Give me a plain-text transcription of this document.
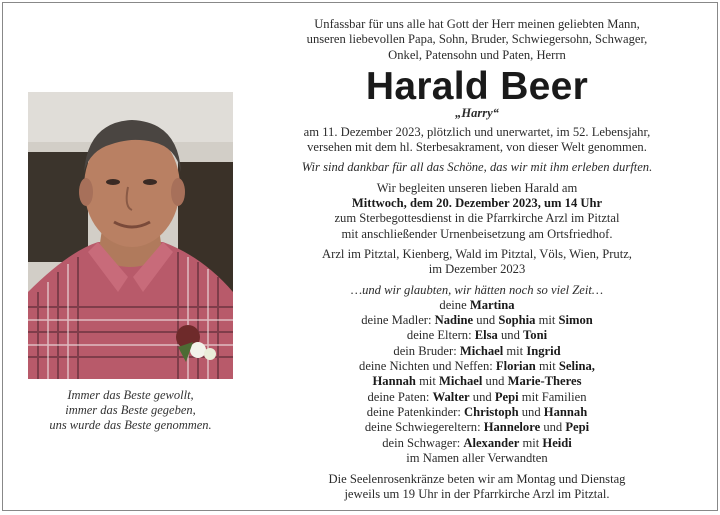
Immer das Beste gewollt,
immer das Beste gegeben,
uns wurde das Beste genommen.

Unfassbar für uns alle hat Gott der Herr meinen geliebten Mann,

unseren liebevollen Papa, Sohn, Bruder, Schwiegersohn, Schwager,

Onkel, Patensohn und Paten, Herrn

Harald Beer

„Harry“

am 11. Dezember 2023, plötzlich und unerwartet, im 52. Lebensjahr,

versehen mit dem hl. Sterbesakrament, von dieser Welt genommen.

Wir sind dankbar für all das Schöne, das wir mit ihm erleben durften.

Wir begleiten unseren lieben Harald am

Mittwoch, dem 20. Dezember 2023, um 14 Uhr

zum Sterbegottesdienst in die Pfarrkirche Arzl im Pitztal

mit anschließender Urnenbeisetzung am Ortsfriedhof.

Arzl im Pitztal, Kienberg, Wald im Pitztal, Völs, Wien, Prutz,

im Dezember 2023

…und wir glaubten, wir hätten noch so viel Zeit…

deine Martina

deine Madler: Nadine und Sophia mit Simon

deine Eltern: Elsa und Toni

dein Bruder: Michael mit Ingrid

deine Nichten und Neffen: Florian mit Selina,

Hannah mit Michael und Marie-Theres

deine Paten: Walter und Pepi mit Familien

deine Patenkinder: Christoph und Hannah

deine Schwiegereltern: Hannelore und Pepi

dein Schwager: Alexander mit Heidi

im Namen aller Verwandten

Die Seelenrosenkränze beten wir am Montag und Dienstag

jeweils um 19 Uhr in der Pfarrkirche Arzl im Pitztal.
